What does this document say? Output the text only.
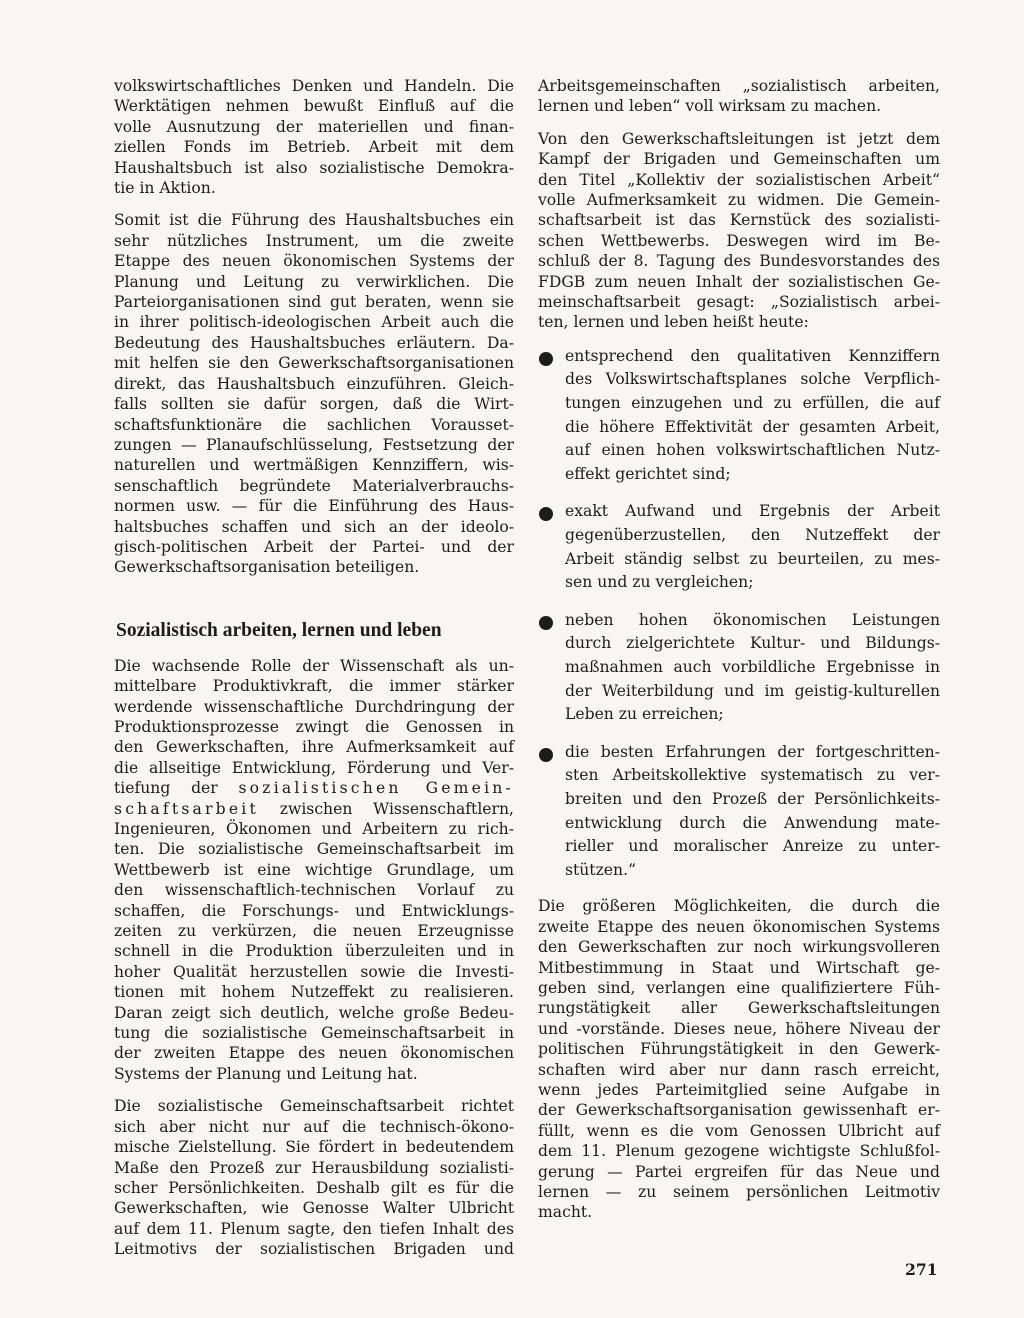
volkswirtschaftliches Denken und Handeln. Die
Werktätigen nehmen bewußt Einfluß auf die
volle Ausnutzung der materiellen und finan-
ziellen Fonds im Betrieb. Arbeit mit dem
Haushaltsbuch ist also sozialistische Demokra-
tie in Aktion.
Somit ist die Führung des Haushaltsbuches ein
sehr nützliches Instrument, um die zweite
Etappe des neuen ökonomischen Systems der
Planung und Leitung zu verwirklichen. Die
Parteiorganisationen sind gut beraten, wenn sie
in ihrer politisch-ideologischen Arbeit auch die
Bedeutung des Haushaltsbuches erläutern. Da-
mit helfen sie den Gewerkschaftsorganisationen
direkt, das Haushaltsbuch einzuführen. Gleich-
falls sollten sie dafür sorgen, daß die Wirt-
schaftsfunktionäre die sachlichen Vorausset-
zungen — Planaufschlüsselung, Festsetzung der
naturellen und wertmäßigen Kennziffern, wis-
senschaftlich begründete Materialverbrauchs-
normen usw. — für die Einführung des Haus-
haltsbuches schaffen und sich an der ideolo-
gisch-politischen Arbeit der Partei- und der
Gewerkschaftsorganisation beteiligen.
Sozialistisch arbeiten, lernen und leben
Die wachsende Rolle der Wissenschaft als un-
mittelbare Produktivkraft, die immer stärker
werdende wissenschaftliche Durchdringung der
Produktionsprozesse zwingt die Genossen in
den Gewerkschaften, ihre Aufmerksamkeit auf
die allseitige Entwicklung, Förderung und Ver-
tiefung der sozialistischen Gemein-
schaftsarbeit zwischen Wissenschaftlern,
Ingenieuren, Ökonomen und Arbeitern zu rich-
ten. Die sozialistische Gemeinschaftsarbeit im
Wettbewerb ist eine wichtige Grundlage, um
den wissenschaftlich-technischen Vorlauf zu
schaffen, die Forschungs- und Entwicklungs-
zeiten zu verkürzen, die neuen Erzeugnisse
schnell in die Produktion überzuleiten und in
hoher Qualität herzustellen sowie die Investi-
tionen mit hohem Nutzeffekt zu realisieren.
Daran zeigt sich deutlich, welche große Bedeu-
tung die sozialistische Gemeinschaftsarbeit in
der zweiten Etappe des neuen ökonomischen
Systems der Planung und Leitung hat.
Die sozialistische Gemeinschaftsarbeit richtet
sich aber nicht nur auf die technisch-ökono-
mische Zielstellung. Sie fördert in bedeutendem
Maße den Prozeß zur Herausbildung sozialisti-
scher Persönlichkeiten. Deshalb gilt es für die
Gewerkschaften, wie Genosse Walter Ulbricht
auf dem 11. Plenum sagte, den tiefen Inhalt des
Leitmotivs der sozialistischen Brigaden und
Arbeitsgemeinschaften „sozialistisch arbeiten,
lernen und leben“ voll wirksam zu machen.
Von den Gewerkschaftsleitungen ist jetzt dem
Kampf der Brigaden und Gemeinschaften um
den Titel „Kollektiv der sozialistischen Arbeit“
volle Aufmerksamkeit zu widmen. Die Gemein-
schaftsarbeit ist das Kernstück des sozialisti-
schen Wettbewerbs. Deswegen wird im Be-
schluß der 8. Tagung des Bundesvorstandes des
FDGB zum neuen Inhalt der sozialistischen Ge-
meinschaftsarbeit gesagt: „Sozialistisch arbei-
ten, lernen und leben heißt heute:
entsprechend den qualitativen Kennziffern
des Volkswirtschaftsplanes solche Verpflich-
tungen einzugehen und zu erfüllen, die auf
die höhere Effektivität der gesamten Arbeit,
auf einen hohen volkswirtschaftlichen Nutz-
effekt gerichtet sind;
exakt Aufwand und Ergebnis der Arbeit
gegenüberzustellen, den Nutzeffekt der
Arbeit ständig selbst zu beurteilen, zu mes-
sen und zu vergleichen;
neben hohen ökonomischen Leistungen
durch zielgerichtete Kultur- und Bildungs-
maßnahmen auch vorbildliche Ergebnisse in
der Weiterbildung und im geistig-kulturellen
Leben zu erreichen;
die besten Erfahrungen der fortgeschritten-
sten Arbeitskollektive systematisch zu ver-
breiten und den Prozeß der Persönlichkeits-
entwicklung durch die Anwendung mate-
rieller und moralischer Anreize zu unter-
stützen.“
Die größeren Möglichkeiten, die durch die
zweite Etappe des neuen ökonomischen Systems
den Gewerkschaften zur noch wirkungsvolleren
Mitbestimmung in Staat und Wirtschaft ge-
geben sind, verlangen eine qualifiziertere Füh-
rungstätigkeit aller Gewerkschaftsleitungen
und -vorstände. Dieses neue, höhere Niveau der
politischen Führungstätigkeit in den Gewerk-
schaften wird aber nur dann rasch erreicht,
wenn jedes Parteimitglied seine Aufgabe in
der Gewerkschaftsorganisation gewissenhaft er-
füllt, wenn es die vom Genossen Ulbricht auf
dem 11. Plenum gezogene wichtigste Schlußfol-
gerung — Partei ergreifen für das Neue und
lernen — zu seinem persönlichen Leitmotiv
macht.
271
